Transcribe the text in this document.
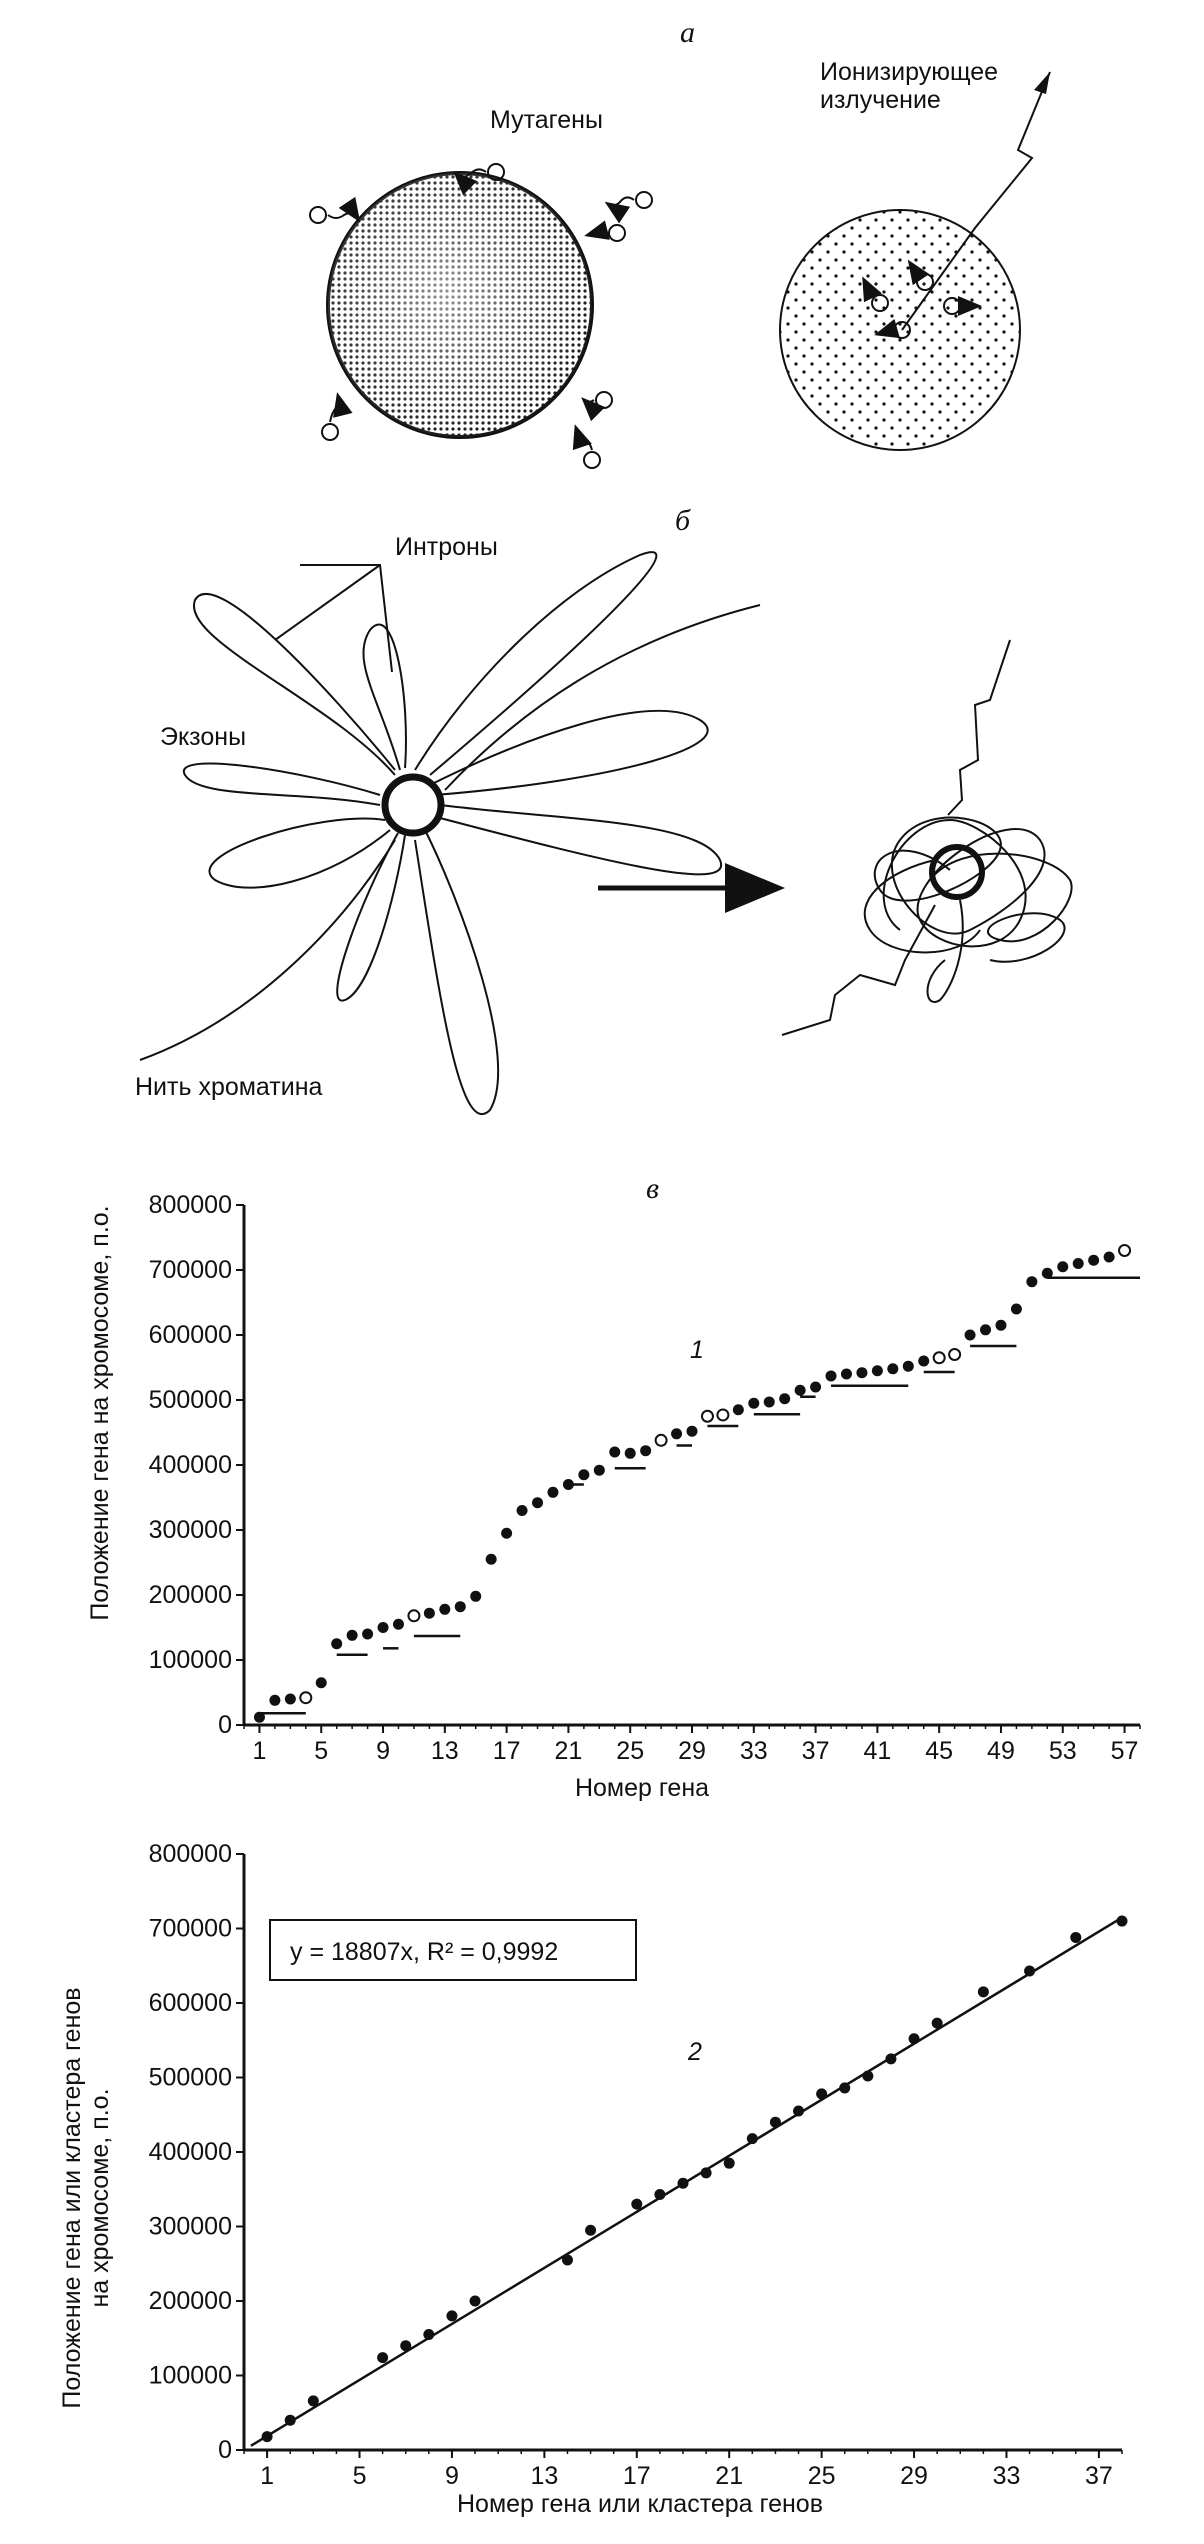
а
Мутагены
Ионизирующее
излучение
б
Интроны
Экзоны
Нить хроматина
в
1
Положение гена на хромосоме, п.о.
Номер гена
0
100000
200000
300000
400000
500000
600000
700000
800000
1 5 9 13 17 21 25 29 33 37 41 45 49 53 57
2
Положение гена или кластера генов на хромосоме, п.о.
Номер гена или кластера генов
y = 18807x, R² = 0,9992
0
100000
200000
300000
400000
500000
600000
700000
800000
1	5	9	13	17	21	25	29	33	37
